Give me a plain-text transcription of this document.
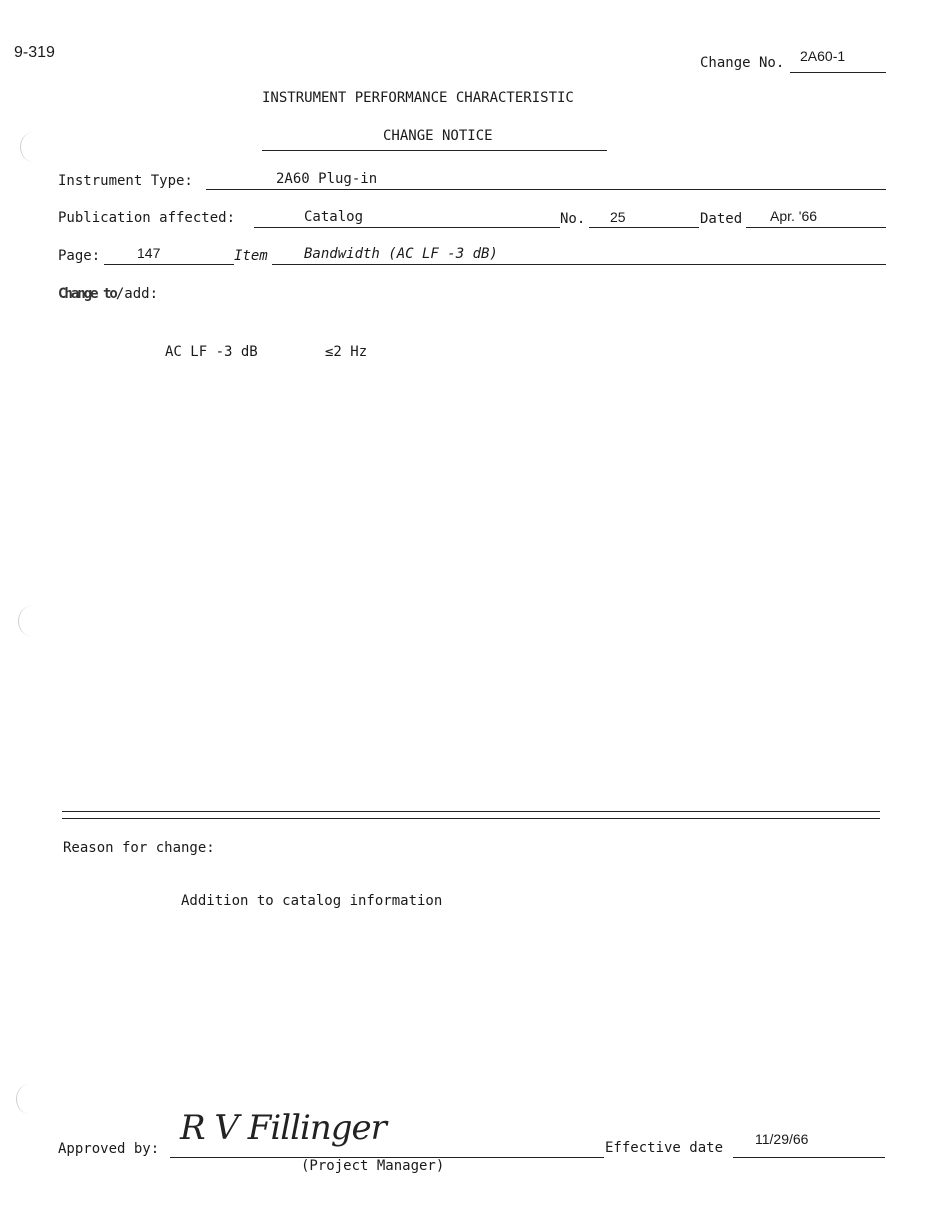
9-319
Change No. 2A60-1
INSTRUMENT PERFORMANCE CHARACTERISTIC
CHANGE NOTICE
Instrument Type:	2A60 Plug-in
Publication affected:	Catalog	No. 25	Dated Apr. '66
Page:	147	Item	Bandwidth (AC LF -3 dB)
Change to/add:
AC LF -3 dB	≤2 Hz
Reason for change:
Addition to catalog information
Approved by:
R V Fillinger
(Project Manager)
Effective date
11/29/66
